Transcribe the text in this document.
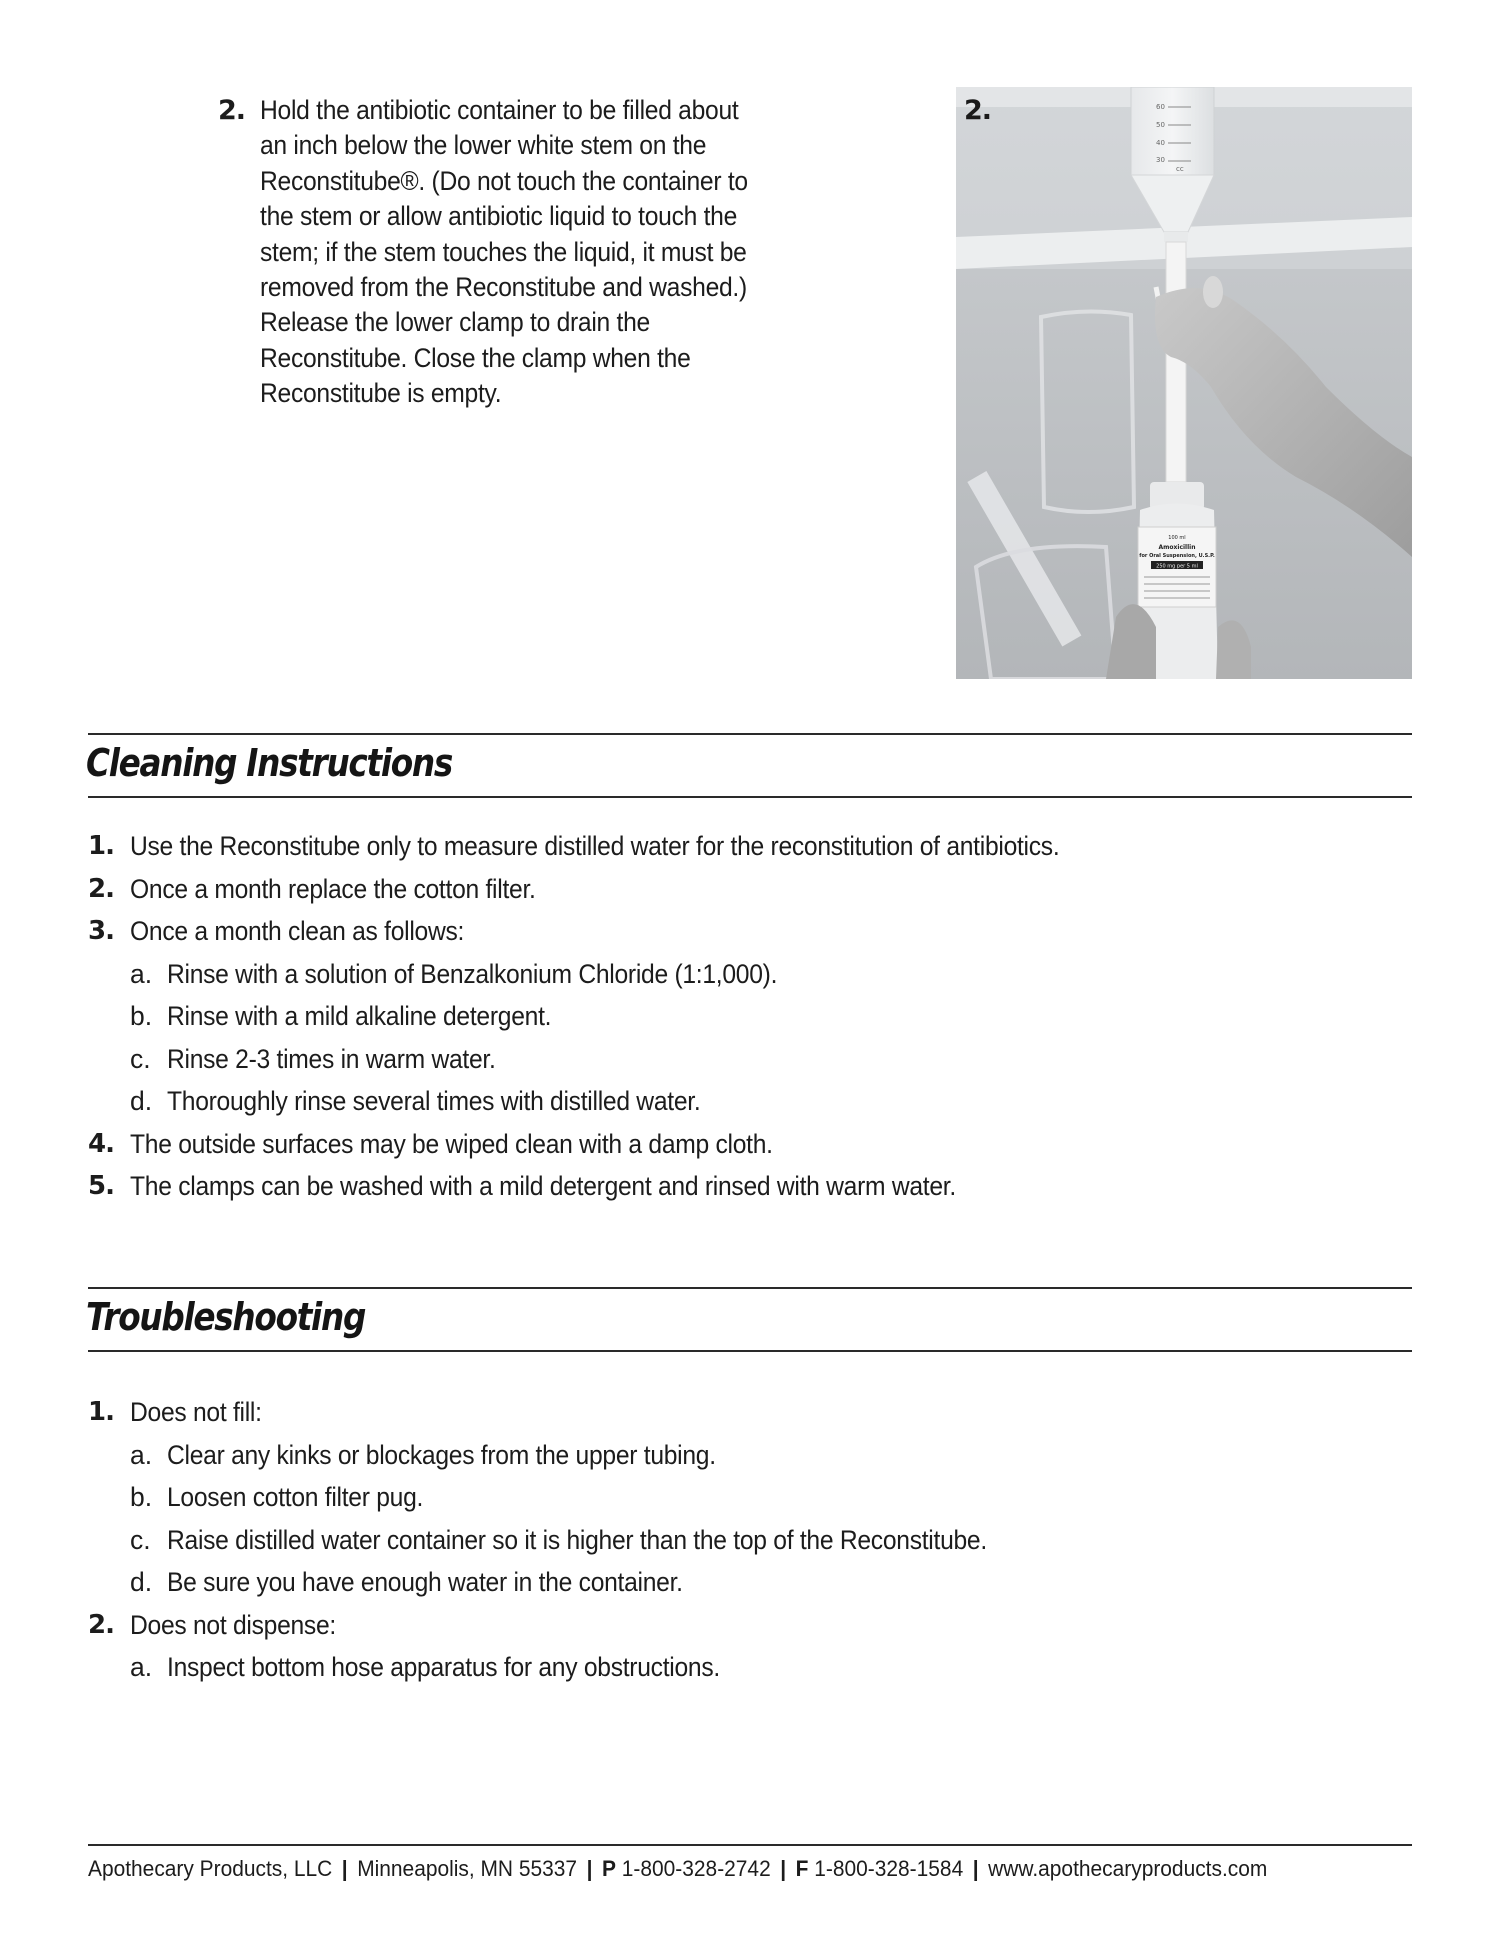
2. Hold the antibiotic container to be filled about
an inch below the lower white stem on the
Reconstitube®. (Do not touch the container to
the stem or allow antibiotic liquid to touch the
stem; if the stem touches the liquid, it must be
removed from the Reconstitube and washed.)
Release the lower clamp to drain the
Reconstitube. Close the clamp when the
Reconstitube is empty.
60
50
40
30
cc
100 ml
Amoxicillin
for Oral Suspension, U.S.P.
250 mg per 5 ml
2.
Cleaning Instructions
1. Use the Reconstitube only to measure distilled water for the reconstitution of antibiotics.
2. Once a month replace the cotton filter.
3. Once a month clean as follows:
a. Rinse with a solution of Benzalkonium Chloride (1:1,000).
b. Rinse with a mild alkaline detergent.
c. Rinse 2-3 times in warm water.
d. Thoroughly rinse several times with distilled water.
4. The outside surfaces may be wiped clean with a damp cloth.
5. The clamps can be washed with a mild detergent and rinsed with warm water.
Troubleshooting
1. Does not fill:
a. Clear any kinks or blockages from the upper tubing.
b. Loosen cotton filter pug.
c. Raise distilled water container so it is higher than the top of the Reconstitube.
d. Be sure you have enough water in the container.
2. Does not dispense:
a. Inspect bottom hose apparatus for any obstructions.
Apothecary Products, LLC | Minneapolis, MN 55337 | P 1-800-328-2742 | F 1-800-328-1584 | www.apothecaryproducts.com
